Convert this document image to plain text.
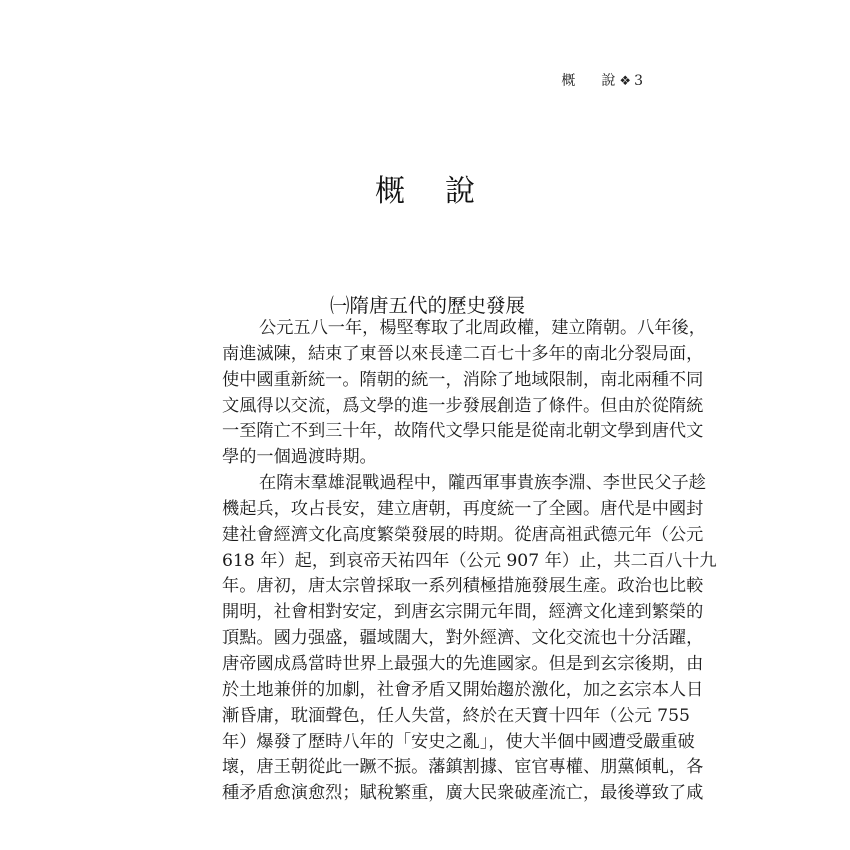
概 說 ❖ 3
概 說
㈠隋唐五代的歷史發展
公元五八一年，楊堅奪取了北周政權，建立隋朝。八年後，
南進滅陳，結束了東晉以來長達二百七十多年的南北分裂局面，
使中國重新統一。隋朝的統一，消除了地域限制，南北兩種不同
文風得以交流，爲文學的進一步發展創造了條件。但由於從隋統
一至隋亡不到三十年，故隋代文學只能是從南北朝文學到唐代文
學的一個過渡時期。
在隋末羣雄混戰過程中，隴西軍事貴族李淵、李世民父子趁
機起兵，攻占長安，建立唐朝，再度統一了全國。唐代是中國封
建社會經濟文化高度繁榮發展的時期。從唐高祖武德元年（公元
618 年）起，到哀帝天祐四年（公元 907 年）止，共二百八十九
年。唐初，唐太宗曾採取一系列積極措施發展生產。政治也比較
開明，社會相對安定，到唐玄宗開元年間，經濟文化達到繁榮的
頂點。國力强盛，疆域闊大，對外經濟、文化交流也十分活躍，
唐帝國成爲當時世界上最强大的先進國家。但是到玄宗後期，由
於土地兼併的加劇，社會矛盾又開始趨於激化，加之玄宗本人日
漸昏庸，耽湎聲色，任人失當，終於在天寶十四年（公元 755
年）爆發了歷時八年的「安史之亂」，使大半個中國遭受嚴重破
壞，唐王朝從此一蹶不振。藩鎮割據、宦官專權、朋黨傾軋，各
種矛盾愈演愈烈；賦稅繁重，廣大民衆破產流亡，最後導致了咸
